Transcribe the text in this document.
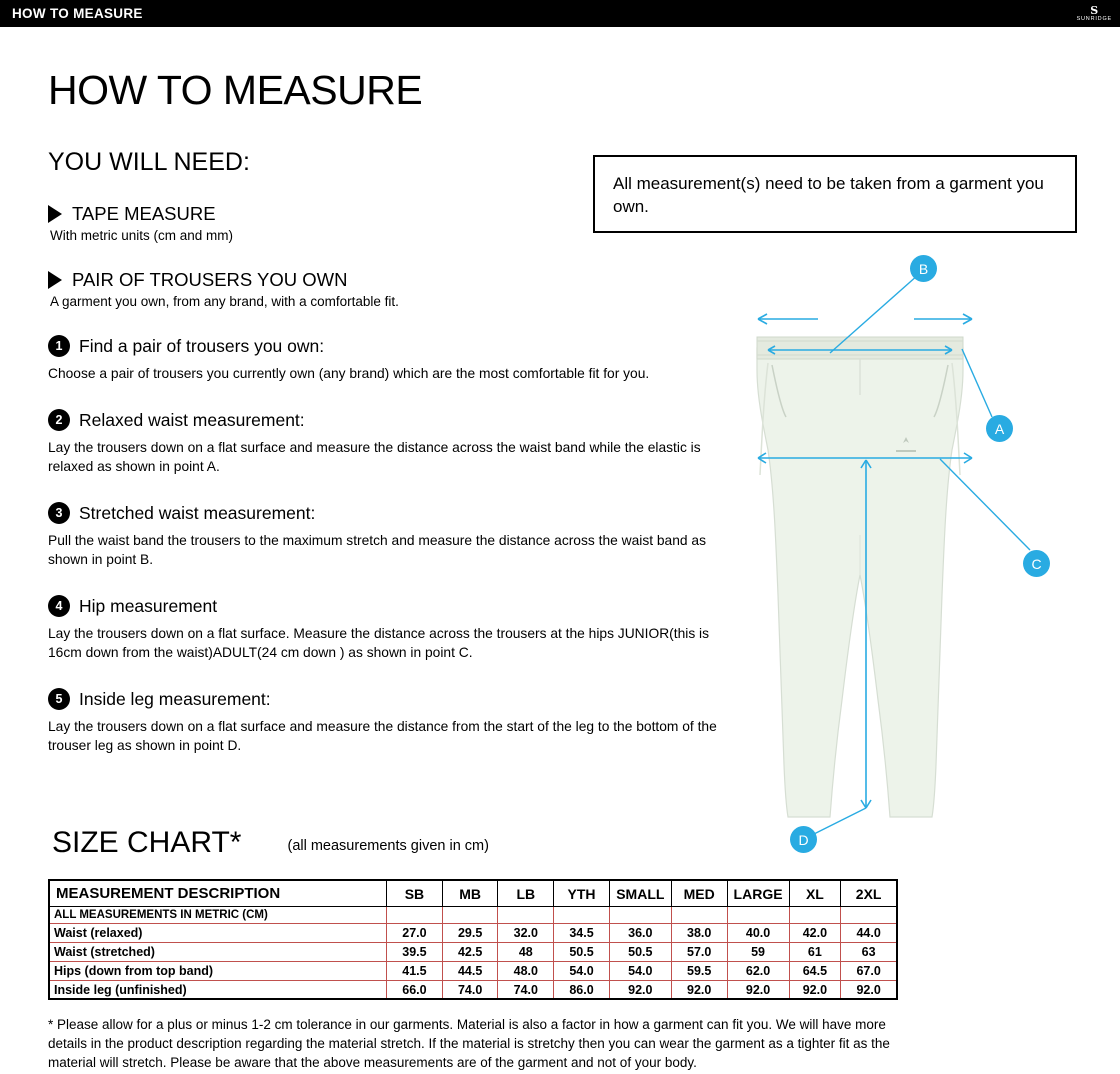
HOW TO MEASURE	S
SUNRIDGE
HOW TO MEASURE
YOU WILL NEED:
TAPE MEASURE
With metric units (cm and mm)
PAIR OF TROUSERS YOU OWN
A garment you own, from any brand, with a comfortable fit.
1 Find a pair of trousers you own:
Choose a pair of trousers you currently own (any brand) which are the most comfortable fit for you.
2 Relaxed waist measurement:
Lay the trousers down on a flat surface and measure the distance across the waist band while the elastic is relaxed as shown in point A.
3 Stretched waist measurement:
Pull the waist band the trousers to the maximum stretch and measure the distance across the waist band as shown in point B.
4 Hip measurement
Lay the trousers down on a flat surface. Measure the distance across the trousers at the hips JUNIOR(this is 16cm down from the waist)ADULT(24 cm down ) as shown in point C.
5 Inside leg measurement:
Lay the trousers down on a flat surface and measure the distance from the start of the leg to the bottom of the trouser leg as shown in point D.
All measurement(s) need to be taken from a garment you own.
B
A
C
D
SIZE CHART*	(all measurements given in cm)
MEASUREMENT DESCRIPTION	SB	MB	LB	YTH	SMALL	MED	LARGE	XL	2XL
ALL MEASUREMENTS IN METRIC (CM)									
Waist (relaxed)	27.0	29.5	32.0	34.5	36.0	38.0	40.0	42.0	44.0
Waist (stretched)	39.5	42.5	48	50.5	50.5	57.0	59	61	63
Hips (down from top band)	41.5	44.5	48.0	54.0	54.0	59.5	62.0	64.5	67.0
Inside leg (unfinished)	66.0	74.0	74.0	86.0	92.0	92.0	92.0	92.0	92.0
* Please allow for a plus or minus 1-2 cm tolerance in our garments. Material is also a factor in how a garment can fit you. We will have more details in the product description regarding the material stretch. If the material is stretchy then you can wear the garment as a tighter fit as the material will stretch. Please be aware that the above measurements are of the garment and not of your body.
